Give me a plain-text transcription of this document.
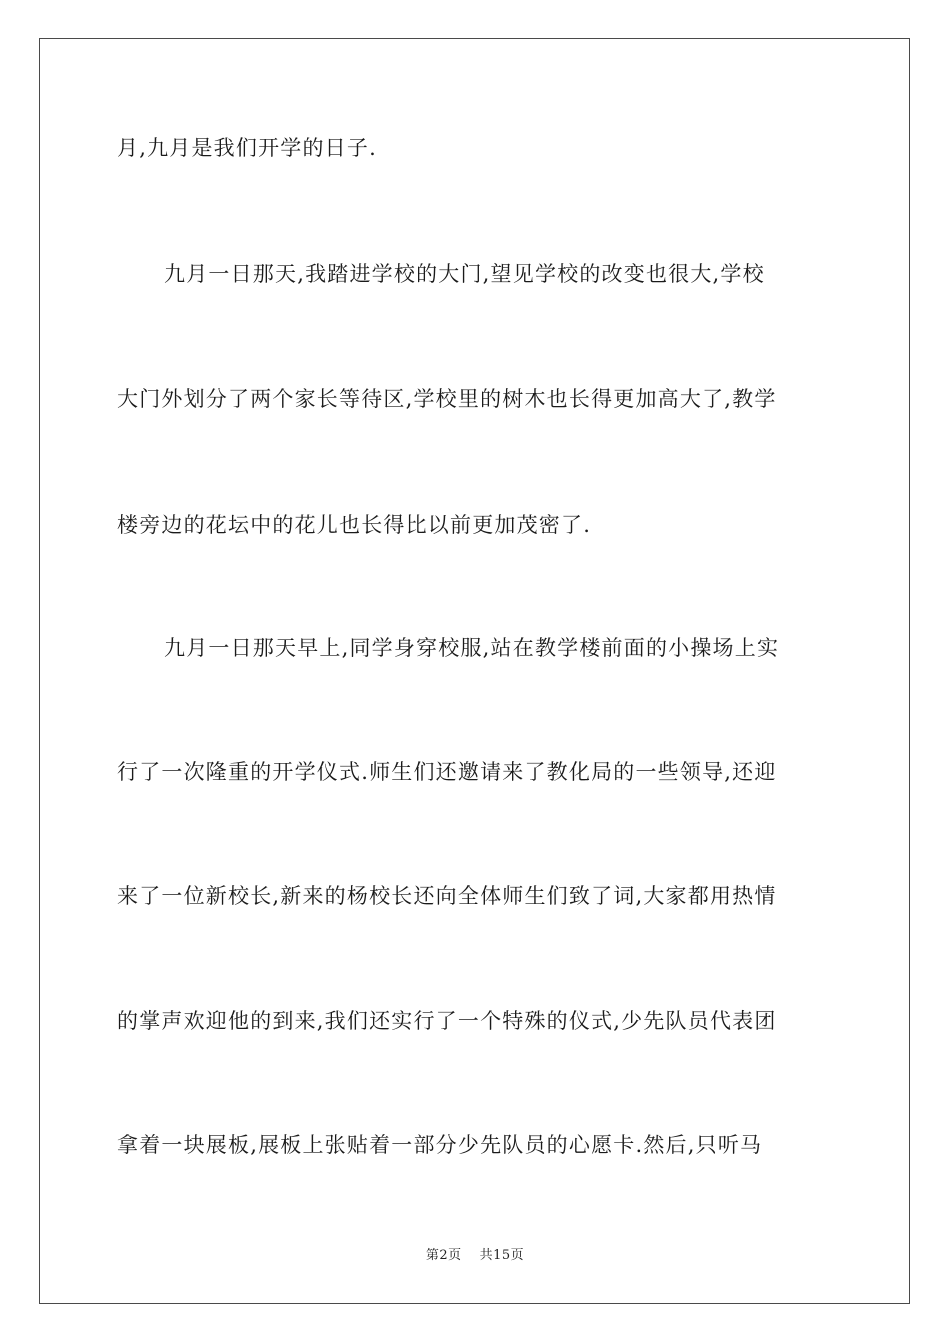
月,九月是我们开学的日子.
九月一日那天,我踏进学校的大门,望见学校的改变也很大,学校
大门外划分了两个家长等待区,学校里的树木也长得更加高大了,教学
楼旁边的花坛中的花儿也长得比以前更加茂密了.
九月一日那天早上,同学身穿校服,站在教学楼前面的小操场上实
行了一次隆重的开学仪式.师生们还邀请来了教化局的一些领导,还迎
来了一位新校长,新来的杨校长还向全体师生们致了词,大家都用热情
的掌声欢迎他的到来,我们还实行了一个特殊的仪式,少先队员代表团
拿着一块展板,展板上张贴着一部分少先队员的心愿卡.然后,只听马
第2页 共15页
